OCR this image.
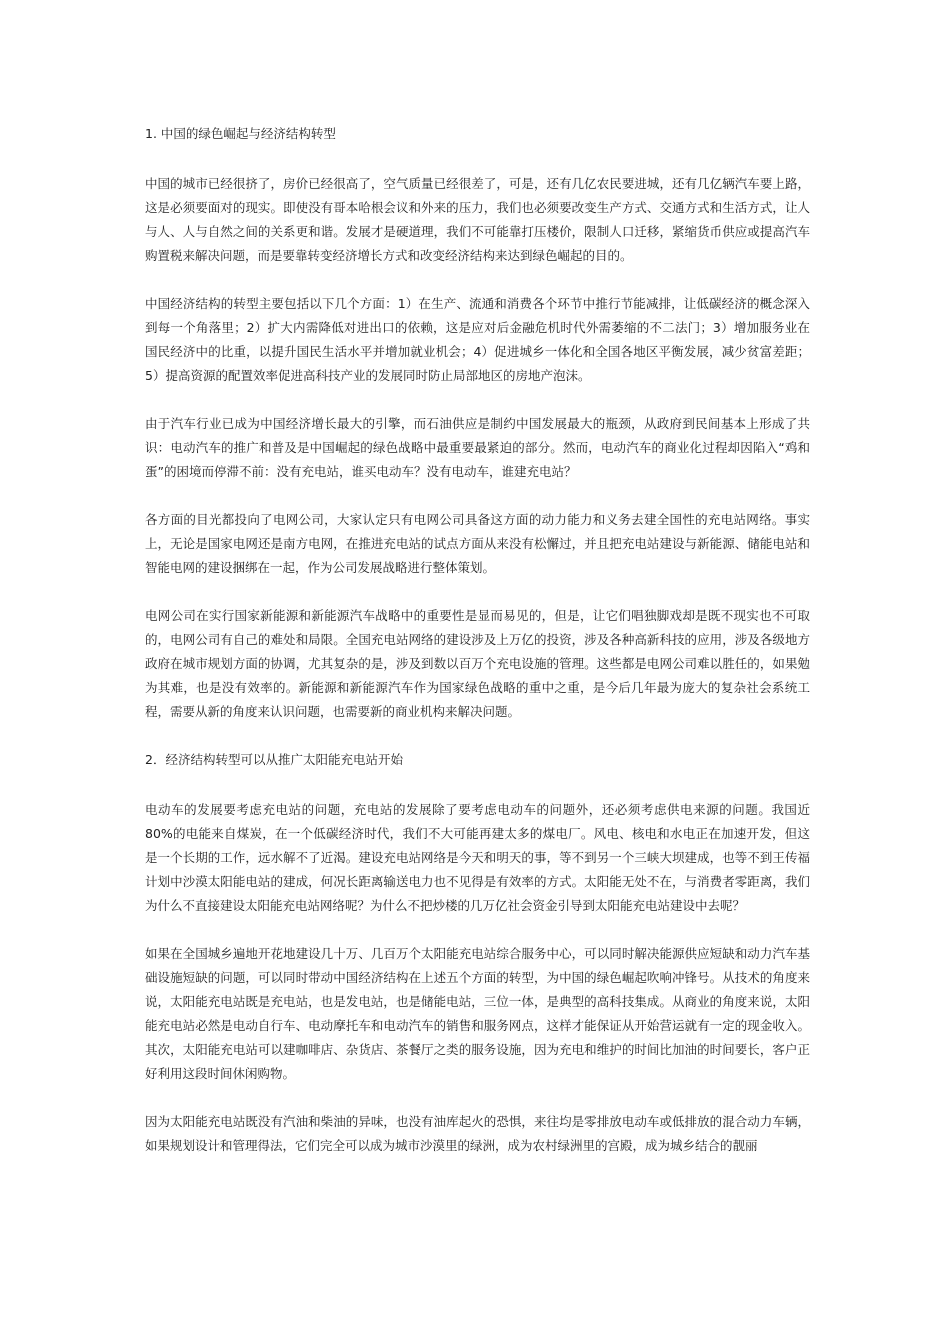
1. 中国的绿色崛起与经济结构转型
中国的城市已经很挤了，房价已经很高了，空气质量已经很差了，可是，还有几亿农民要进城，还有几亿辆汽车要上路，这是必须要面对的现实。即使没有哥本哈根会议和外来的压力，我们也必须要改变生产方式、交通方式和生活方式，让人与人、人与自然之间的关系更和谐。发展才是硬道理，我们不可能靠打压楼价，限制人口迁移，紧缩货币供应或提高汽车购置税来解决问题，而是要靠转变经济增长方式和改变经济结构来达到绿色崛起的目的。
中国经济结构的转型主要包括以下几个方面：1）在生产、流通和消费各个环节中推行节能减排，让低碳经济的概念深入到每一个角落里；2）扩大内需降低对进出口的依赖，这是应对后金融危机时代外需萎缩的不二法门；3）增加服务业在国民经济中的比重，以提升国民生活水平并增加就业机会；4）促进城乡一体化和全国各地区平衡发展，减少贫富差距；5）提高资源的配置效率促进高科技产业的发展同时防止局部地区的房地产泡沫。
由于汽车行业已成为中国经济增长最大的引擎，而石油供应是制约中国发展最大的瓶颈，从政府到民间基本上形成了共识：电动汽车的推广和普及是中国崛起的绿色战略中最重要最紧迫的部分。然而，电动汽车的商业化过程却因陷入“鸡和蛋”的困境而停滞不前：没有充电站，谁买电动车？没有电动车，谁建充电站？
各方面的目光都投向了电网公司，大家认定只有电网公司具备这方面的动力能力和义务去建全国性的充电站网络。事实上，无论是国家电网还是南方电网，在推进充电站的试点方面从来没有松懈过，并且把充电站建设与新能源、储能电站和智能电网的建设捆绑在一起，作为公司发展战略进行整体策划。
电网公司在实行国家新能源和新能源汽车战略中的重要性是显而易见的，但是，让它们唱独脚戏却是既不现实也不可取的，电网公司有自己的难处和局限。全国充电站网络的建设涉及上万亿的投资，涉及各种高新科技的应用，涉及各级地方政府在城市规划方面的协调，尤其复杂的是，涉及到数以百万个充电设施的管理。这些都是电网公司难以胜任的，如果勉为其难，也是没有效率的。新能源和新能源汽车作为国家绿色战略的重中之重，是今后几年最为庞大的复杂社会系统工程，需要从新的角度来认识问题，也需要新的商业机构来解决问题。
2．经济结构转型可以从推广太阳能充电站开始
电动车的发展要考虑充电站的问题，充电站的发展除了要考虑电动车的问题外，还必须考虑供电来源的问题。我国近80%的电能来自煤炭，在一个低碳经济时代，我们不大可能再建太多的煤电厂。风电、核电和水电正在加速开发，但这是一个长期的工作，远水解不了近渴。建设充电站网络是今天和明天的事，等不到另一个三峡大坝建成，也等不到王传福计划中沙漠太阳能电站的建成，何况长距离输送电力也不见得是有效率的方式。太阳能无处不在，与消费者零距离，我们为什么不直接建设太阳能充电站网络呢？为什么不把炒楼的几万亿社会资金引导到太阳能充电站建设中去呢？
如果在全国城乡遍地开花地建设几十万、几百万个太阳能充电站综合服务中心，可以同时解决能源供应短缺和动力汽车基础设施短缺的问题，可以同时带动中国经济结构在上述五个方面的转型，为中国的绿色崛起吹响冲锋号。从技术的角度来说，太阳能充电站既是充电站，也是发电站，也是储能电站，三位一体，是典型的高科技集成。从商业的角度来说，太阳能充电站必然是电动自行车、电动摩托车和电动汽车的销售和服务网点，这样才能保证从开始营运就有一定的现金收入。其次，太阳能充电站可以建咖啡店、杂货店、茶餐厅之类的服务设施，因为充电和维护的时间比加油的时间要长，客户正好利用这段时间休闲购物。
因为太阳能充电站既没有汽油和柴油的异味，也没有油库起火的恐惧，来往均是零排放电动车或低排放的混合动力车辆，如果规划设计和管理得法，它们完全可以成为城市沙漠里的绿洲，成为农村绿洲里的宫殿，成为城乡结合的靓丽
